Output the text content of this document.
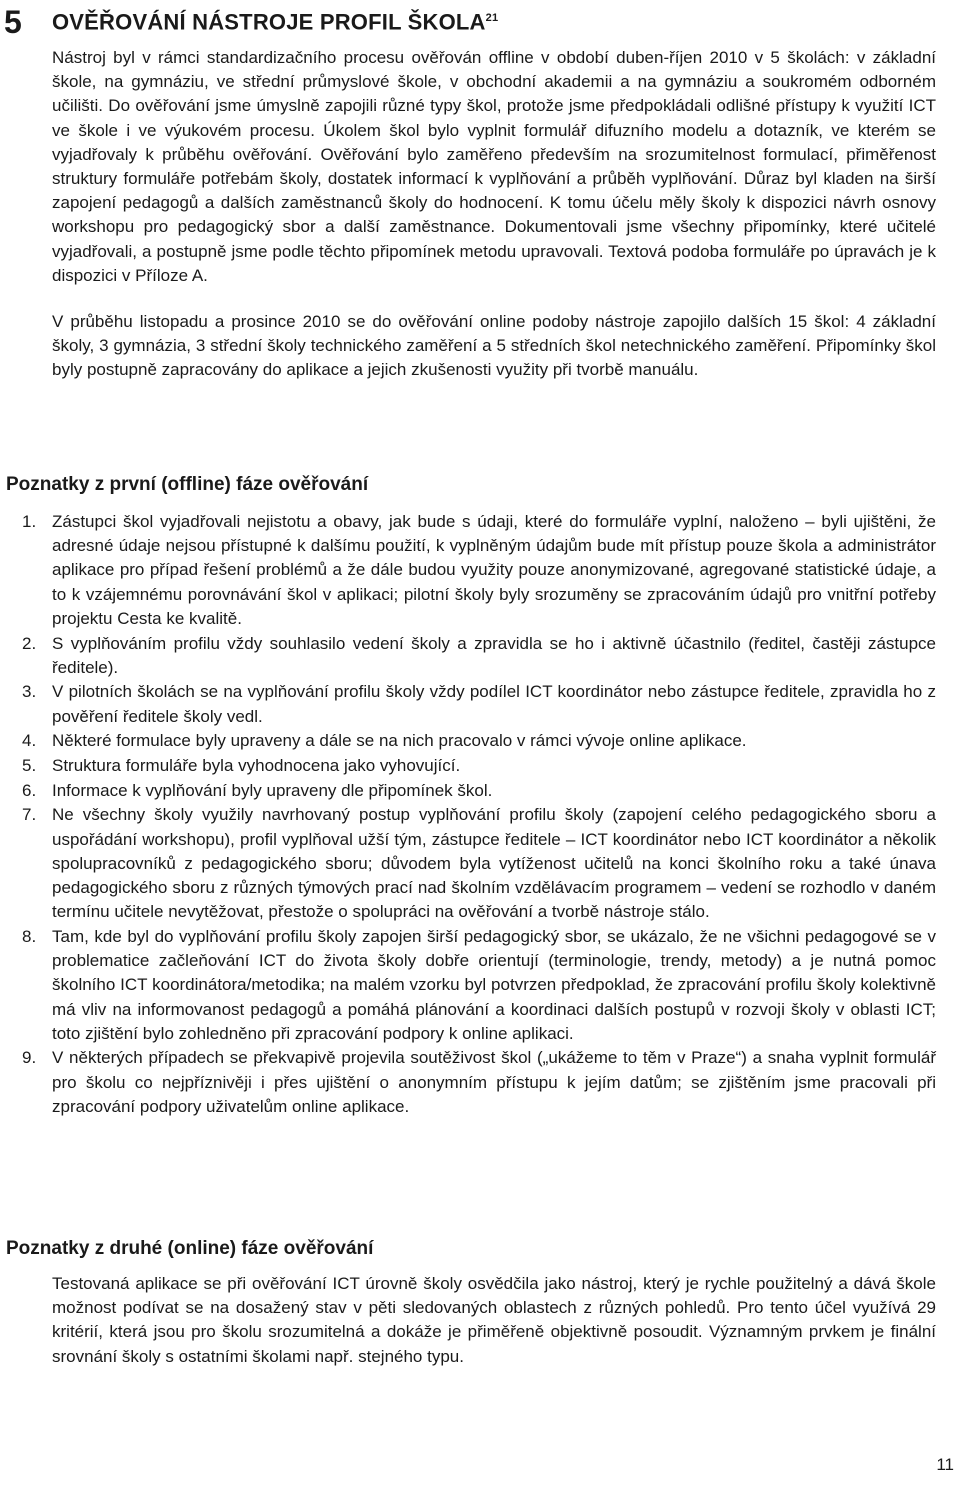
5 OVĚŘOVÁNÍ NÁSTROJE PROFIL ŠKOLA$^{21}$

Nástroj byl v rámci standardizačního procesu ověřován offline v období duben-říjen 2010 v 5 školách: v základní škole, na gymnáziu, ve střední průmyslové škole, v obchodní akademii a na gymnáziu a soukromém odborném učilišti. Do ověřování jsme úmyslně zapojili různé typy škol, protože jsme předpokládali odlišné přístupy k využití ICT ve škole i ve výukovém procesu. Úkolem škol bylo vyplnit formulář difuzního modelu a dotazník, ve kterém se vyjadřovaly k průběhu ověřování. Ověřování bylo zaměřeno především na srozumitelnost formulací, přiměřenost struktury formuláře potřebám školy, dostatek informací k vyplňování a průběh vyplňování. Důraz byl kladen na širší zapojení pedagogů a dalších zaměstnanců školy do hodnocení. K tomu účelu měly školy k dispozici návrh osnovy workshopu pro pedagogický sbor a další zaměstnance. Dokumentovali jsme všechny připomínky, které učitelé vyjadřovali, a postupně jsme podle těchto připomínek metodu upravovali. Textová podoba formuláře po úpravách je k dispozici v Příloze A.

V průběhu listopadu a prosince 2010 se do ověřování online podoby nástroje zapojilo dalších 15 škol: 4 základní školy, 3 gymnázia, 3 střední školy technického zaměření a 5 středních škol netechnického zaměření. Připomínky škol byly postupně zapracovány do aplikace a jejich zkušenosti využity při tvorbě manuálu.

Poznatky z první (offline) fáze ověřování
1. Zástupci škol vyjadřovali nejistotu a obavy, jak bude s údaji, které do formuláře vyplní, naloženo – byli ujištěni, že adresné údaje nejsou přístupné k dalšímu použití, k vyplněným údajům bude mít přístup pouze škola a administrátor aplikace pro případ řešení problémů a že dále budou využity pouze anonymizované, agregované statistické údaje, a to k vzájemnému porovnávání škol v aplikaci; pilotní školy byly srozuměny se zpracováním údajů pro vnitřní potřeby projektu Cesta ke kvalitě.
2. S vyplňováním profilu vždy souhlasilo vedení školy a zpravidla se ho i aktivně účastnilo (ředitel, častěji zástupce ředitele).
3. V pilotních školách se na vyplňování profilu školy vždy podílel ICT koordinátor nebo zástupce ředitele, zpravidla ho z pověření ředitele školy vedl.
4. Některé formulace byly upraveny a dále se na nich pracovalo v rámci vývoje online aplikace.
5. Struktura formuláře byla vyhodnocena jako vyhovující.
6. Informace k vyplňování byly upraveny dle připomínek škol.
7. Ne všechny školy využily navrhovaný postup vyplňování profilu školy (zapojení celého pedagogického sboru a uspořádání workshopu), profil vyplňoval užší tým, zástupce ředitele – ICT koordinátor nebo ICT koordinátor a několik spolupracovníků z pedagogického sboru; důvodem byla vytíženost učitelů na konci školního roku a také únava pedagogického sboru z různých týmových prací nad školním vzdělávacím programem – vedení se rozhodlo v daném termínu učitele nevytěžovat, přestože o spolupráci na ověřování a tvorbě nástroje stálo.
8. Tam, kde byl do vyplňování profilu školy zapojen širší pedagogický sbor, se ukázalo, že ne všichni pedagogové se v problematice začleňování ICT do života školy dobře orientují (terminologie, trendy, metody) a je nutná pomoc školního ICT koordinátora/metodika; na malém vzorku byl potvrzen předpoklad, že zpracování profilu školy kolektivně má vliv na informovanost pedagogů a pomáhá plánování a koordinaci dalších postupů v rozvoji školy v oblasti ICT; toto zjištění bylo zohledněno při zpracování podpory k online aplikaci.
9. V některých případech se překvapivě projevila soutěživost škol („ukážeme to těm v Praze“) a snaha vyplnit formulář pro školu co nejpříznivěji i přes ujištění o anonymním přístupu k jejím datům; se zjištěním jsme pracovali při zpracování podpory uživatelům online aplikace.
Poznatky z druhé (online) fáze ověřování

Testovaná aplikace se při ověřování ICT úrovně školy osvědčila jako nástroj, který je rychle použitelný a dává škole možnost podívat se na dosažený stav v pěti sledovaných oblastech z různých pohledů. Pro tento účel využívá 29 kritérií, která jsou pro školu srozumitelná a dokáže je přiměřeně objektivně posoudit. Významným prvkem je finální srovnání školy s ostatními školami např. stejného typu.

11
